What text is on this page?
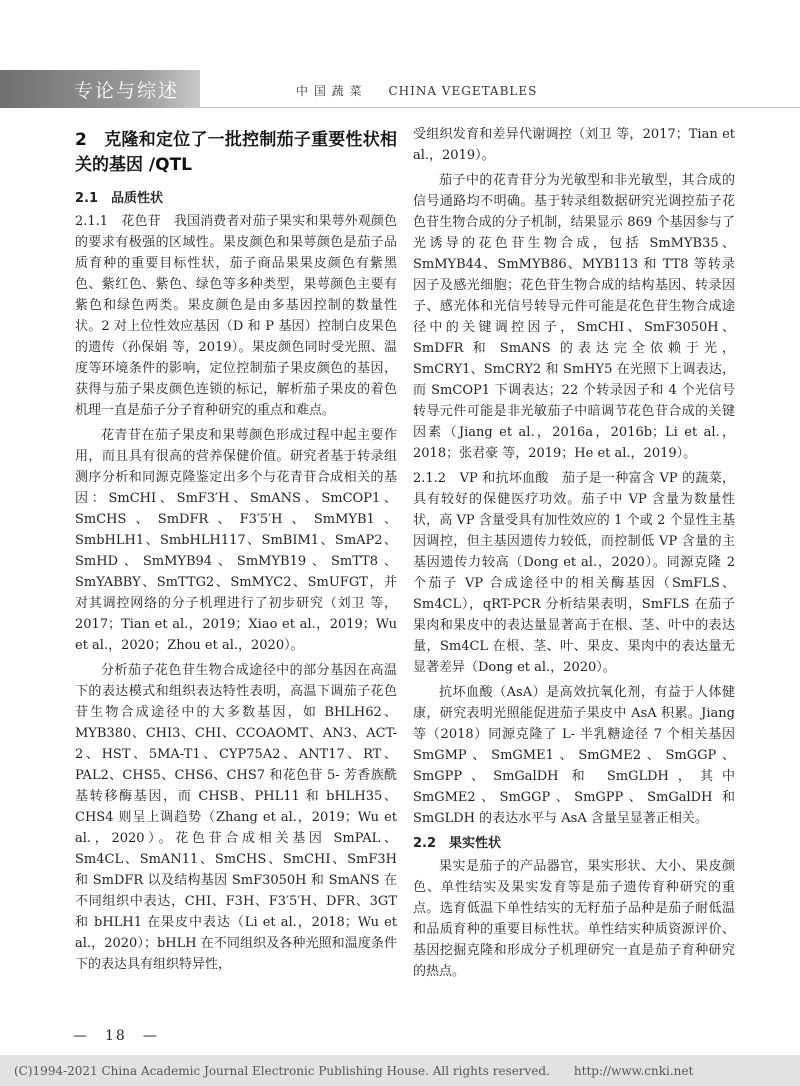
专论与综述	中 国 蔬 菜　　CHINA VEGETABLES
2　克隆和定位了一批控制茄子重要性状相关的基因 /QTL
2.1　品质性状

2.1.1　花色苷　我国消费者对茄子果实和果萼外观颜色的要求有极强的区域性。果皮颜色和果萼颜色是茄子品质育种的重要目标性状，茄子商品果果皮颜色有紫黑色、紫红色、紫色、绿色等多种类型，果萼颜色主要有紫色和绿色两类。果皮颜色是由多基因控制的数量性状。2 对上位性效应基因（D 和 P 基因）控制白皮果色的遗传（孙保娟 等，2019）。果皮颜色同时受光照、温度等环境条件的影响，定位控制茄子果皮颜色的基因，获得与茄子果皮颜色连锁的标记，解析茄子果皮的着色机理一直是茄子分子育种研究的重点和难点。

花青苷在茄子果皮和果萼颜色形成过程中起主要作用，而且具有很高的营养保健价值。研究者基于转录组测序分析和同源克隆鉴定出多个与花青苷合成相关的基因：SmCHI、SmF3′H、SmANS、SmCOP1、SmCHS、SmDFR、F3′5′H、SmMYB1、SmbHLH1、SmbHLH117、SmBIM1、SmAP2、SmHD、SmMYB94、SmMYB19、SmTT8、SmYABBY、SmTTG2、SmMYC2、SmUFGT，并对其调控网络的分子机理进行了初步研究（刘卫 等，2017；Tian et al.，2019；Xiao et al.，2019；Wu et al.，2020；Zhou et al.，2020）。

分析茄子花色苷生物合成途径中的部分基因在高温下的表达模式和组织表达特性表明，高温下调茄子花色苷生物合成途径中的大多数基因，如 BHLH62、MYB380、CHI3、CHI、CCOAOMT、AN3、ACT-2、HST、5MA-T1、CYP75A2、ANT17、RT、PAL2、CHS5、CHS6、CHS7 和花色苷 5- 芳香族酰基转移酶基因，而 CHSB、PHL11 和 bHLH35、CHS4 则呈上调趋势（Zhang et al.，2019；Wu et al.，2020）。花色苷合成相关基因 SmPAL、Sm4CL、SmAN11、SmCHS、SmCHI、SmF3H 和 SmDFR 以及结构基因 SmF3050H 和 SmANS 在不同组织中表达，CHI、F3H、F3′5′H、DFR、3GT 和 bHLH1 在果皮中表达（Li et al.，2018；Wu et al.，2020）；bHLH 在不同组织及各种光照和温度条件下的表达具有组织特异性，

受组织发育和差异代谢调控（刘卫 等，2017；Tian et al.，2019）。

茄子中的花青苷分为光敏型和非光敏型，其合成的信号通路均不明确。基于转录组数据研究光调控茄子花色苷生物合成的分子机制，结果显示 869 个基因参与了光诱导的花色苷生物合成，包括 SmMYB35、SmMYB44、SmMYB86、MYB113 和 TT8 等转录因子及感光细胞；花色苷生物合成的结构基因、转录因子、感光体和光信号转导元件可能是花色苷生物合成途径中的关键调控因子，SmCHI、SmF3050H、SmDFR 和 SmANS 的表达完全依赖于光，SmCRY1、SmCRY2 和 SmHY5 在光照下上调表达，而 SmCOP1 下调表达；22 个转录因子和 4 个光信号转导元件可能是非光敏茄子中暗调节花色苷合成的关键因素（Jiang et al.，2016a，2016b；Li et al.，2018；张君豪 等，2019；He et al.，2019）。

2.1.2　VP 和抗坏血酸　茄子是一种富含 VP 的蔬菜，具有较好的保健医疗功效。茄子中 VP 含量为数量性状，高 VP 含量受具有加性效应的 1 个或 2 个显性主基因调控，但主基因遗传力较低，而控制低 VP 含量的主基因遗传力较高（Dong et al.，2020）。同源克隆 2 个茄子 VP 合成途径中的相关酶基因（SmFLS、Sm4CL），qRT-PCR 分析结果表明，SmFLS 在茄子果肉和果皮中的表达量显著高于在根、茎、叶中的表达量，Sm4CL 在根、茎、叶、果皮、果肉中的表达量无显著差异（Dong et al.，2020）。

抗坏血酸（AsA）是高效抗氧化剂，有益于人体健康，研究表明光照能促进茄子果皮中 AsA 积累。Jiang 等（2018）同源克隆了 L- 半乳糖途径 7 个相关基因 SmGMP、SmGME1、SmGME2、SmGGP、SmGPP、SmGalDH 和 SmGLDH，其中 SmGME2、SmGGP、SmGPP、SmGalDH 和 SmGLDH 的表达水平与 AsA 含量呈显著正相关。

2.2　果实性状

果实是茄子的产品器官，果实形状、大小、果皮颜色、单性结实及果实发育等是茄子遗传育种研究的重点。选育低温下单性结实的无籽茄子品种是茄子耐低温和品质育种的重要目标性状。单性结实种质资源评价、基因挖掘克隆和形成分子机理研究一直是茄子育种研究的热点。

—　18　—
(C)1994-2021 China Academic Journal Electronic Publishing House. All rights reserved.　　http://www.cnki.net
